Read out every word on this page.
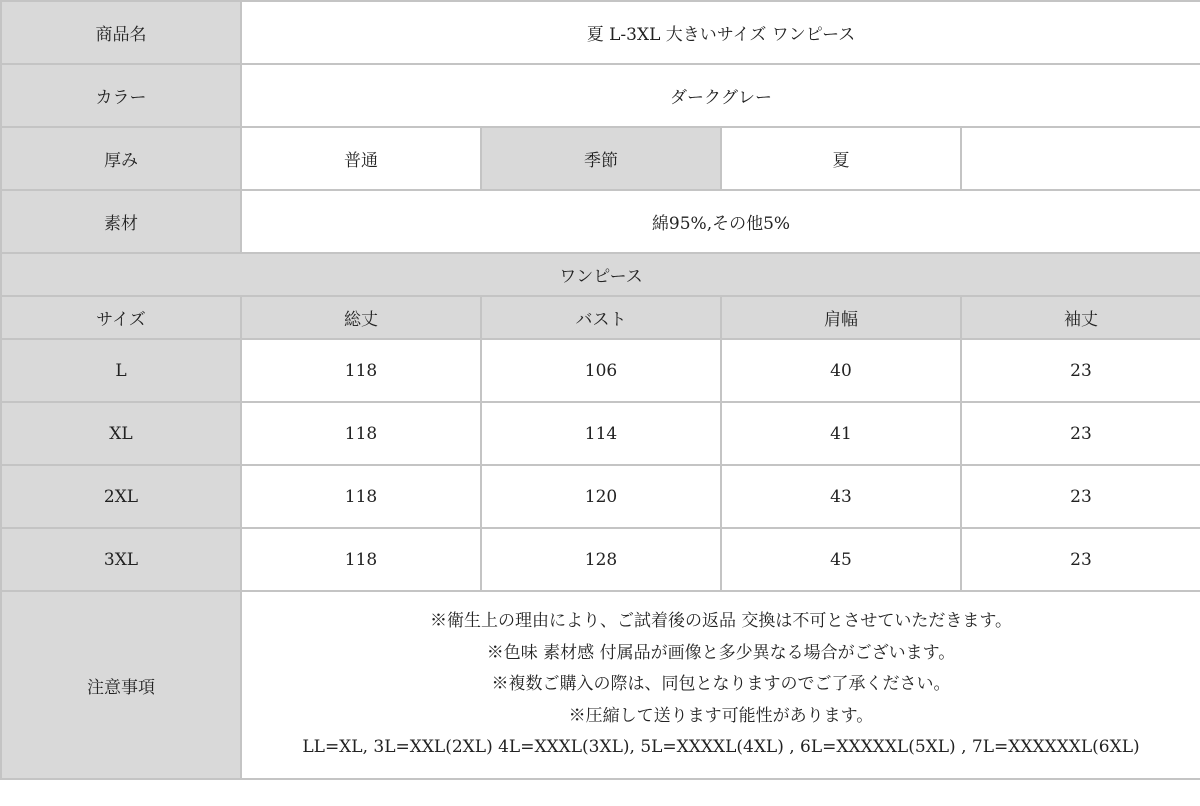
商品名	夏 L-3XL 大きいサイズ ワンピース			
カラー	ダークグレー			
厚み	普通	季節	夏	
素材	綿95%,その他5%			
ワンピース				
サイズ	総丈	バスト	肩幅	袖丈
L	118	106	40	23
XL	118	114	41	23
2XL	118	120	43	23
3XL	118	128	45	23
注意事項	※衛生上の理由により、ご試着後の返品 交換は不可とさせていただきます。
※色味 素材感 付属品が画像と多少異なる場合がございます。
※複数ご購入の際は、同包となりますのでご了承ください。
※圧縮して送ります可能性があります。
LL=XL, 3L=XXL(2XL) 4L=XXXL(3XL), 5L=XXXXL(4XL) , 6L=XXXXXL(5XL) , 7L=XXXXXXL(6XL)			
